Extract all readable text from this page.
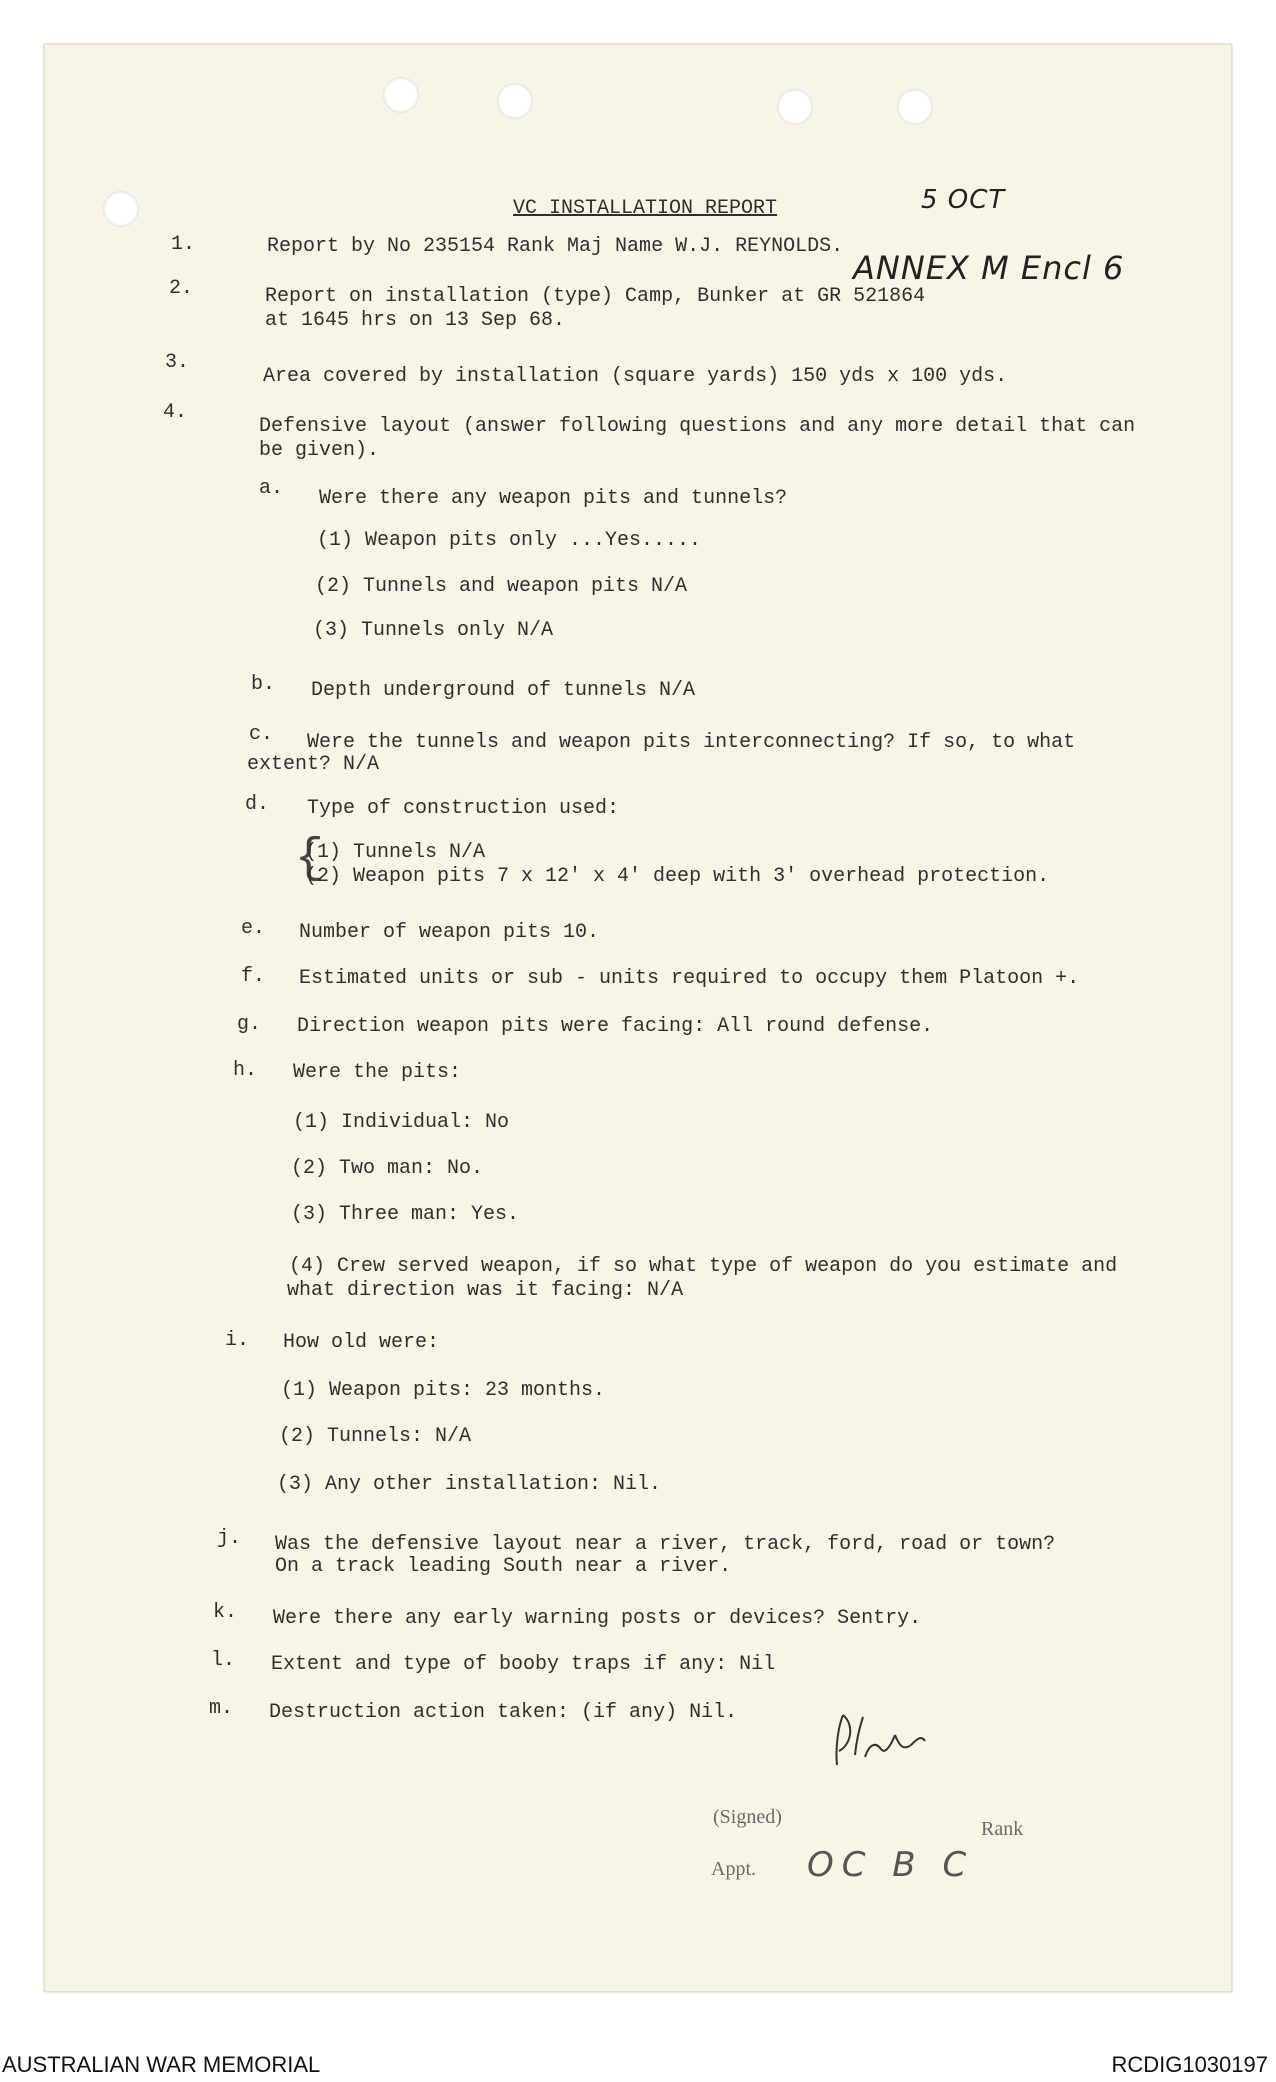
VC INSTALLATION REPORT	5 OCT
ANNEX M Encl 6
1.	Report by No 235154 Rank Maj Name W.J. REYNOLDS.
2.	Report on installation (type) Camp, Bunker at GR 521864
at 1645 hrs on 13 Sep 68.
3.
Area covered by installation (square yards) 150 yds x 100 yds.
4.
Defensive layout (answer following questions and any more detail that can
be given).
a. Were there any weapon pits and tunnels?
(1) Weapon pits only ...Yes.....
(2) Tunnels and weapon pits N/A
(3) Tunnels only N/A
b. Depth underground of tunnels N/A
c. Were the tunnels and weapon pits interconnecting? If so, to what
extent? N/A
d. Type of construction used:
{
(1) Tunnels N/A
(2) Weapon pits 7 x 12' x 4' deep with 3' overhead protection.
e. Number of weapon pits 10.
f. Estimated units or sub - units required to occupy them Platoon +.
g. Direction weapon pits were facing: All round defense.
h. Were the pits:
(1) Individual: No
(2) Two man: No.
(3) Three man: Yes.
(4) Crew served weapon, if so what type of weapon do you estimate and
what direction was it facing: N/A
i. How old were:
(1) Weapon pits: 23 months.
(2) Tunnels: N/A
(3) Any other installation: Nil.
j. Was the defensive layout near a river, track, ford, road or town?
On a track leading South near a river.
k. Were there any early warning posts or devices? Sentry.
l. Extent and type of booby traps if any: Nil
m. Destruction action taken: (if any) Nil.
(Signed)
Rank
Appt. OC B C
AUSTRALIAN WAR MEMORIAL	RCDIG1030197
